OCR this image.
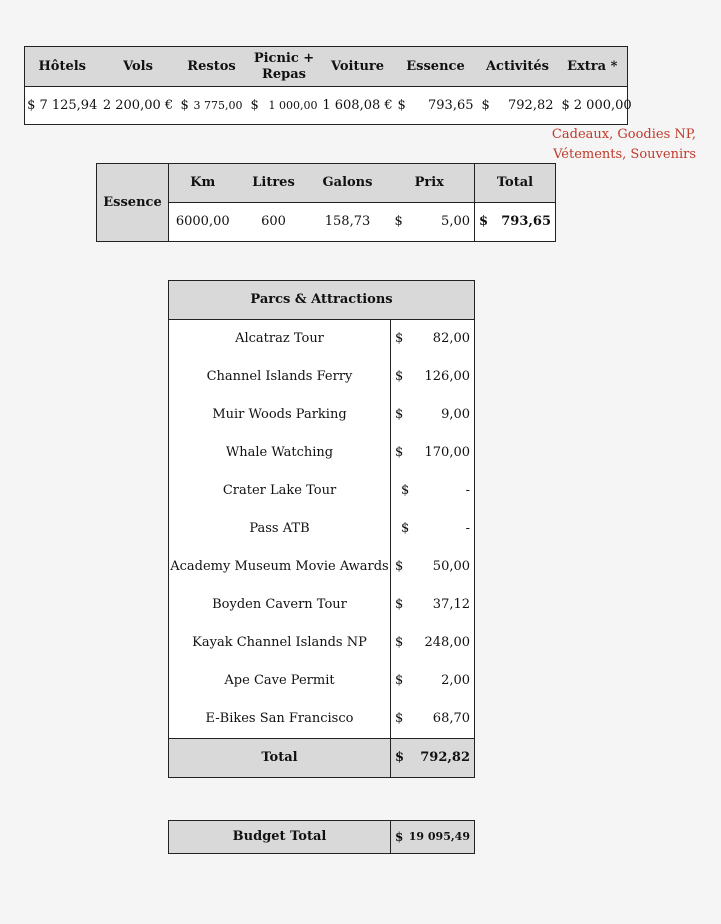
Hôtels	Vols	Restos	Picnic + Repas	Voiture	Essence	Activités	Extra *

$ 7 125,94	2 200,00 €	$ 3 775,00	$ 1 000,00	1 608,08 €	$ 793,65	$ 792,82	$ 2 000,00
Cadeaux, Goodies NP, Vétements, Souvenirs
Essence	Km	Litres	Galons	Prix	Total
	6000,00	600	158,73	$ 5,00	$ 793,65
Parcs & Attractions	
Alcatraz Tour	$ 82,00

Channel Islands Ferry	$ 126,00

Muir Woods Parking	$ 9,00

Whale Watching	$ 170,00

Crater Lake Tour	$ -

Pass ATB	$ -

Academy Museum Movie Awards	$ 50,00

Boyden Cavern Tour	$ 37,12

Kayak Channel Islands NP	$ 248,00

Ape Cave Permit	$ 2,00

E-Bikes San Francisco	$ 68,70

Total	$ 792,82
Budget Total	$ 19 095,49
